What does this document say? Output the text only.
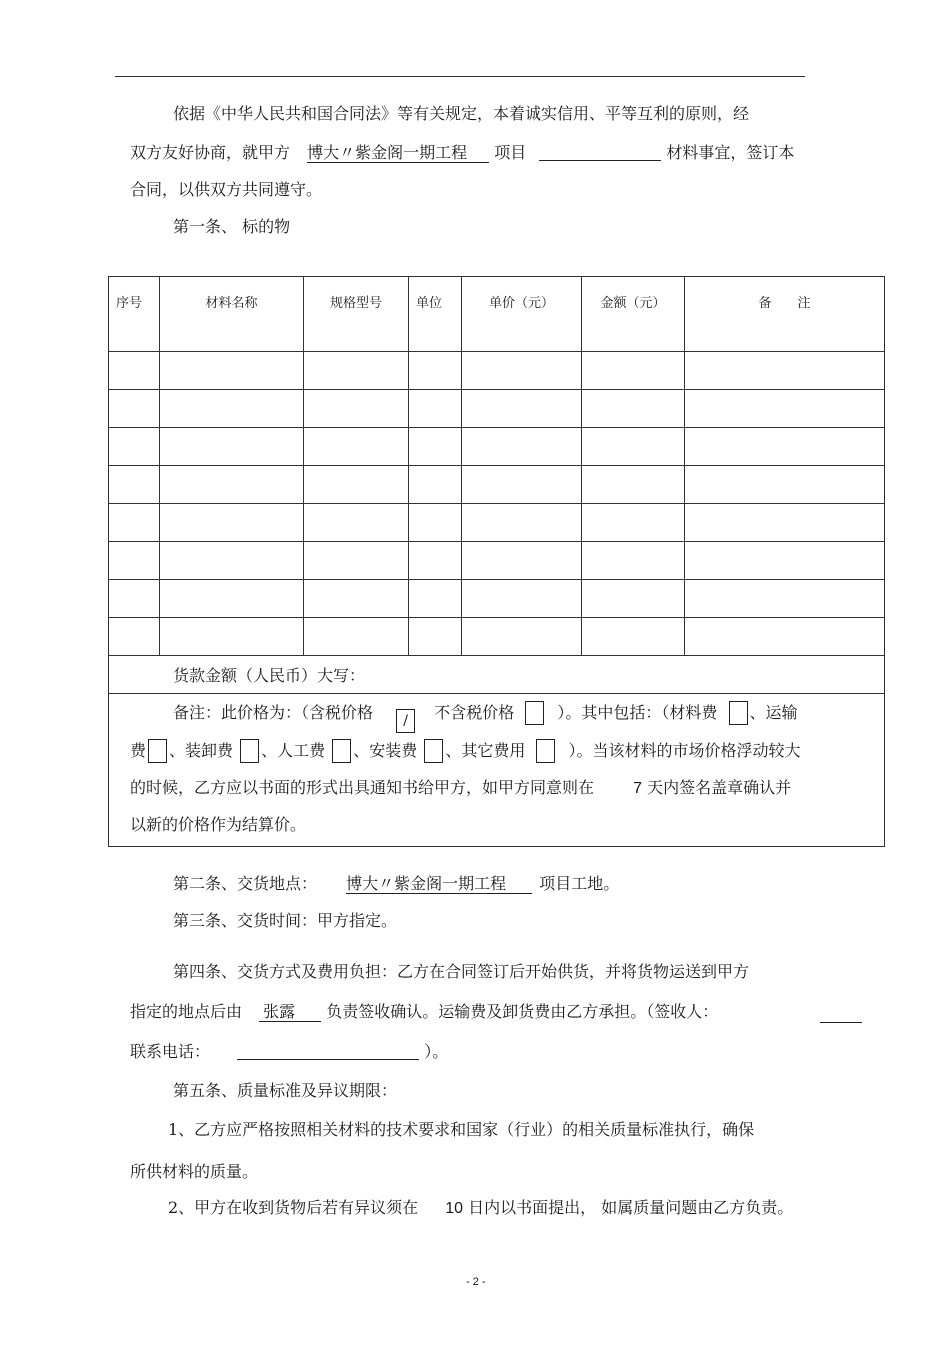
依据《中华人民共和国合同法》等有关规定，本着诚实信用、平等互利的原则，经
双方友好协商，就甲方 博大〃紫金阁一期工程 项目	材料事宜，签订本
合同，以供双方共同遵守。
第一条、 标的物
序号	材料名称	规格型号	单位	单价（元）	金额（元）	备　　注

货款金额（人民币）大写：						

备注：此价格为：（含税价格 / 不含税价格 ）。其中包括：（材料费 、运输
费 、装卸费 、人工费 、安装费 、其它费用 ）。当该材料的市场价格浮动较大
的时候，乙方应以书面的形式出具通知书给甲方，如甲方同意则在 7 天内签名盖章确认并
以新的价格作为结算价。						
第二条、交货地点： 博大〃紫金阁一期工程 项目工地。
第三条、交货时间：甲方指定。
第四条、交货方式及费用负担：乙方在合同签订后开始供货，并将货物运送到甲方
指定的地点后由 张露 负责签收确认。运输费及卸货费由乙方承担。（签收人：
联系电话：	）。
第五条、质量标准及异议期限：
1、乙方应严格按照相关材料的技术要求和国家（行业）的相关质量标准执行，确保
所供材料的质量。
2、甲方在收到货物后若有异议须在 10 日内以书面提出， 如属质量问题由乙方负责。
- 2 -
